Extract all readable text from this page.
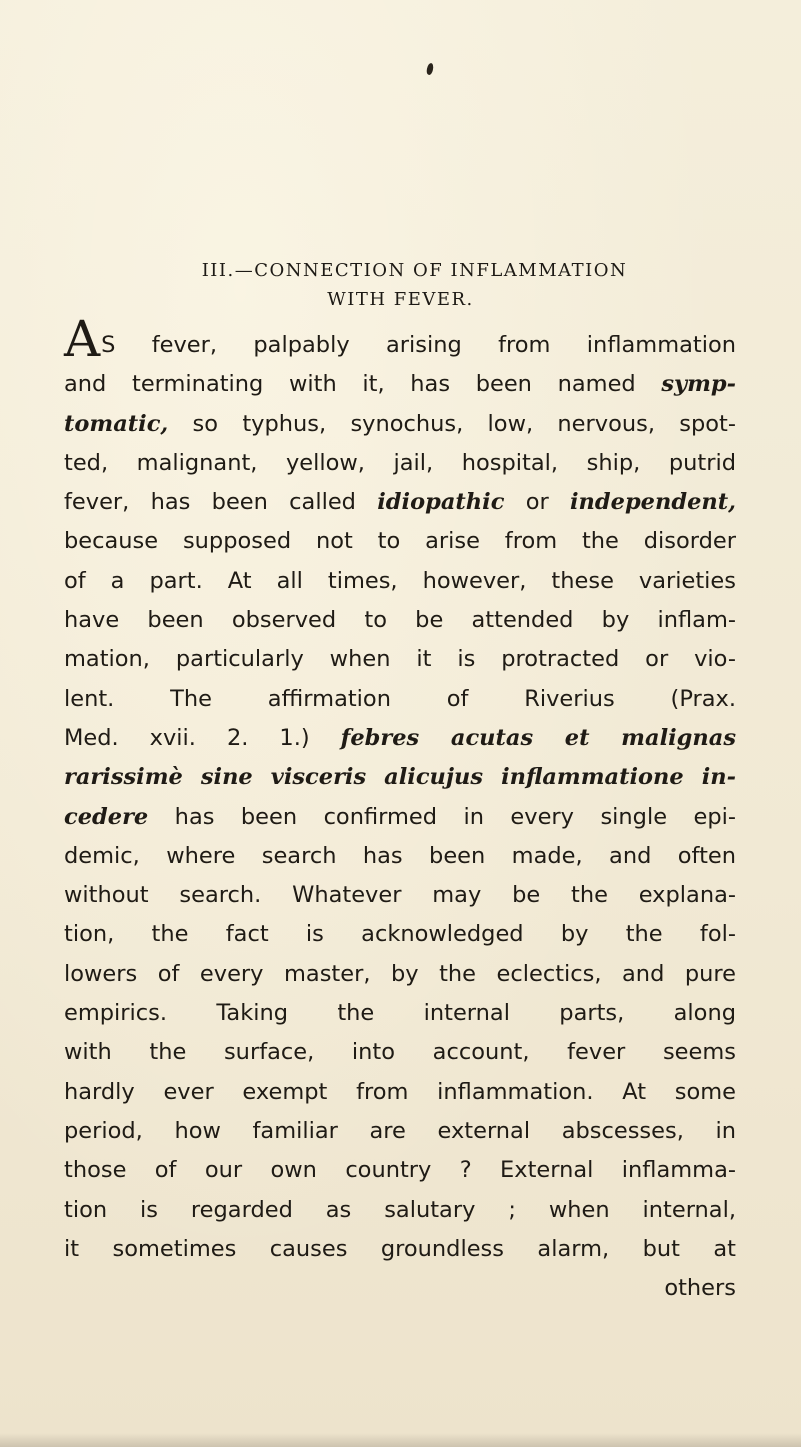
III.—CONNECTION OF INFLAMMATION
WITH FEVER.
AS fever, palpably arising from inflammation
and terminating with it, has been named symp-
tomatic, so typhus, synochus, low, nervous, spot-
ted, malignant, yellow, jail, hospital, ship, putrid
fever, has been called idiopathic or independent,
because supposed not to arise from the disorder
of a part. At all times, however, these varieties
have been observed to be attended by inflam-
mation, particularly when it is protracted or vio-
lent. The affirmation of Riverius (Prax.
Med. xvii. 2. 1.) febres acutas et malignas
rarissimè sine visceris alicujus inflammatione in-
cedere has been confirmed in every single epi-
demic, where search has been made, and often
without search. Whatever may be the explana-
tion, the fact is acknowledged by the fol-
lowers of every master, by the eclectics, and pure
empirics. Taking the internal parts, along
with the surface, into account, fever seems
hardly ever exempt from inflammation. At some
period, how familiar are external abscesses, in
those of our own country ? External inflamma-
tion is regarded as salutary ; when internal,
it sometimes causes groundless alarm, but at
others
